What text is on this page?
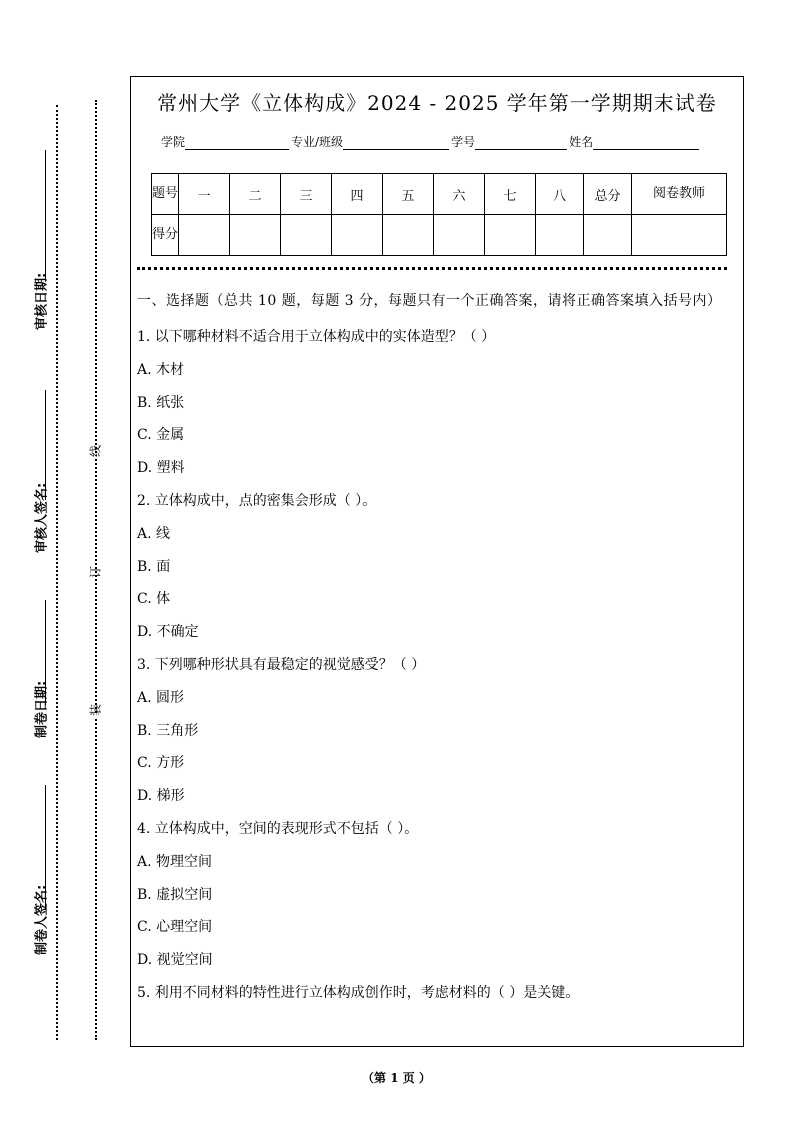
审核日期:
审核人签名:
制卷日期:
制卷人签名:
线
订
装
常州大学《立体构成》2024 - 2025 学年第一学期期末试卷
学院	专业/班级	学号	姓名
题号	一	二	三	四	五	六	七	八	总分	阅卷教师
得分										
一、选择题（总共 10 题，每题 3 分，每题只有一个正确答案，请将正确答案填入括号内）
1. 以下哪种材料不适合用于立体构成中的实体造型？（ ）
A. 木材
B. 纸张
C. 金属
D. 塑料
2. 立体构成中，点的密集会形成（ ）。
A. 线
B. 面
C. 体
D. 不确定
3. 下列哪种形状具有最稳定的视觉感受？（ ）
A. 圆形
B. 三角形
C. 方形
D. 梯形
4. 立体构成中，空间的表现形式不包括（ ）。
A. 物理空间
B. 虚拟空间
C. 心理空间
D. 视觉空间
5. 利用不同材料的特性进行立体构成创作时，考虑材料的（ ）是关键。
（第 1 页 ）
